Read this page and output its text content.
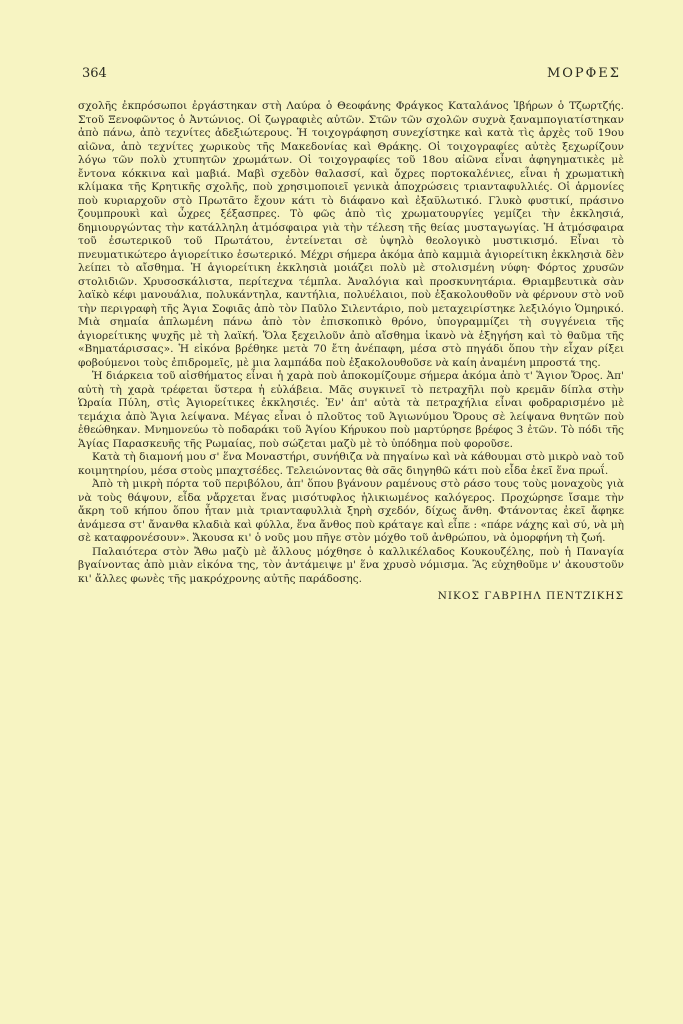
364	ΜΟΡΦΕΣ

σχολῆς ἐκπρόσωποι ἐργάστηκαν στὴ Λαύρα ὁ Θεοφάνης Φράγκος Καταλάνος Ἰβήρων ὁ Τζωρτζής. Στοῦ Ξενοφῶντος ὁ Ἀντώνιος. Οἱ ζωγραφιὲς αὐτῶν. Στῶν τῶν σχολῶν συχνὰ ξαναμπογιατίστηκαν ἀπὸ πάνω, ἀπὸ τεχνίτες ἀδεξιώτερους. Ἡ τοιχογράφηση συνεχίστηκε καὶ κατὰ τὶς ἀρχὲς τοῦ 19ου αἰῶνα, ἀπὸ τεχνίτες χωρικοὺς τῆς Μακεδονίας καὶ Θράκης. Οἱ τοιχογραφίες αὐτὲς ξεχωρίζουν λόγω τῶν πολὺ χτυπητῶν χρωμάτων. Οἱ τοιχογραφίες τοῦ 18ου αἰῶνα εἶναι ἀφηγηματικὲς μὲ ἔντονα κόκκινα καὶ μαβιά. Μαβὶ σχεδὸν θαλασσί, καὶ ὄχρες πορτοκαλένιες, εἶναι ἡ χρωματικὴ κλίμακα τῆς Κρητικῆς σχολῆς, ποὺ χρησιμοποιεῖ γενικὰ ἀποχρώσεις τριανταφυλλιές. Οἱ ἁρμονίες ποὺ κυριαρχοῦν στὸ Πρωτᾶτο ἔχουν κάτι τὸ διάφανο καὶ ἐξαϋλωτικό. Γλυκὸ φυστικί, πράσινο ζουμπρουκὶ καὶ ὦχρες ξέξασπρες. Τὸ φῶς ἀπὸ τὶς χρωματουργίες γεμίζει τὴν ἐκκλησιά, δημιουργώντας τὴν κατάλληλη ἀτμόσφαιρα γιὰ τὴν τέλεση τῆς θείας μυσταγωγίας. Ἡ ἀτμόσφαιρα τοῦ ἐσωτερικοῦ τοῦ Πρωτάτου, ἐντείνεται σὲ ὑψηλὸ θεολογικὸ μυστικισμό. Εἶναι τὸ πνευματικώτερο ἁγιορείτικο ἐσωτερικό. Μέχρι σήμερα ἀκόμα ἀπὸ καμμιὰ ἁγιορείτικη ἐκκλησιὰ δὲν λείπει τὸ αἴσθημα. Ἡ ἁγιορείτικη ἐκκλησιὰ μοιάζει πολὺ μὲ στολισμένη νύφη· Φόρτος χρυσῶν στολιδιῶν. Χρυσοσκάλιστα, περίτεχνα τέμπλα. Ἀναλόγια καὶ προσκυνητάρια. Θριαμβευτικὰ σὰν λαϊκὸ κέφι μανουάλια, πολυκάντηλα, καντήλια, πολυέλαιοι, ποὺ ἐξακολουθοῦν νὰ φέρνουν στὸ νοῦ τὴν περιγραφὴ τῆς Ἁγια Σοφιᾶς ἀπὸ τὸν Παῦλο Σιλεντάριο, ποὺ μεταχειρίστηκε λεξιλόγιο Ὁμηρικό. Μιὰ σημαία ἀπλωμένη πάνω ἀπὸ τὸν ἐπισκοπικὸ θρόνο, ὑπογραμμίζει τὴ συγγένεια τῆς ἁγιορείτικης ψυχῆς μὲ τὴ λαϊκή. Ὅλα ξεχειλοῦν ἀπὸ αἴσθημα ἱκανὸ νὰ ἐξηγήση καὶ τὸ θαῦμα τῆς «Βηματάρισσας». Ἡ εἰκόνα βρέθηκε μετὰ 70 ἔτη ἀνέπαφη, μέσα στὸ πηγάδι ὅπου τὴν εἶχαν ρίξει φοβούμενοι τοὺς ἐπιδρομεῖς, μὲ μια λαμπάδα ποὺ ἐξακολουθοῦσε νὰ καίη ἀναμένη μπροστά της.

Ἡ διάρκεια τοῦ αἰσθήματος εἶναι ἡ χαρὰ ποὺ ἀποκομίζουμε σήμερα ἀκόμα ἀπὸ τ' Ἅγιον Ὄρος. Ἀπ' αὐτὴ τὴ χαρὰ τρέφεται ὕστερα ἡ εὐλάβεια. Μᾶς συγκινεῖ τὸ πετραχῆλι ποὺ κρεμᾶν δίπλα στὴν Ὡραία Πύλη, στὶς Ἁγιορείτικες ἐκκλησιές. Ἐν' ἀπ' αὐτὰ τὰ πετραχήλια εἶναι φοδραρισμένο μὲ τεμάχια ἀπὸ Ἅγια λείψανα. Μέγας εἶναι ὁ πλοῦτος τοῦ Ἁγιωνύμου Ὄρους σὲ λείψανα θνητῶν ποὺ ἐθεώθηκαν. Μνημονεύω τὸ ποδαράκι τοῦ Ἁγίου Κήρυκου ποὺ μαρτύρησε βρέφος 3 ἐτῶν. Τὸ πόδι τῆς Ἁγίας Παρασκευῆς τῆς Ρωμαίας, ποὺ σώζεται μαζὺ μὲ τὸ ὑπόδημα ποὺ φοροῦσε.

Κατὰ τὴ διαμονή μου σ' ἕνα Μοναστήρι, συνήθιζα νὰ πηγαίνω καὶ νὰ κάθουμαι στὸ μικρὸ ναὸ τοῦ κοιμητηρίου, μέσα στοὺς μπαχτσέδες. Τελειώνοντας θὰ σᾶς διηγηθῶ κάτι ποὺ εἶδα ἐκεῖ ἕνα πρωΐ.

Ἀπὸ τὴ μικρὴ πόρτα τοῦ περιβόλου, ἀπ' ὅπου βγάνουν ραμένους στὸ ράσο τους τοὺς μοναχοὺς γιὰ νὰ τοὺς θάψουν, εἶδα νἄρχεται ἕνας μισότυφλος ἡλικιωμένος καλόγερος. Προχώρησε ἴσαμε τὴν ἄκρη τοῦ κήπου ὅπου ἦταν μιὰ τριανταφυλλιὰ ξηρὴ σχεδόν, δίχως ἄνθη. Φτάνοντας ἐκεῖ ἄφηκε ἀνάμεσα στ' ἄνανθα κλαδιὰ καὶ φύλλα, ἕνα ἄνθος ποὺ κράταγε καὶ εἶπε : «πάρε νάχης καὶ σύ, νὰ μὴ σὲ καταφρονέσουν». Ἄκουσα κι' ὁ νοῦς μου πῆγε στὸν μόχθο τοῦ ἀνθρώπου, νὰ ὀμορφήνη τὴ ζωή.

Παλαιότερα στὸν Ἄθω μαζὺ μὲ ἄλλους μόχθησε ὁ καλλικέλαδος Κουκουζέλης, ποὺ ἡ Παναγία βγαίνοντας ἀπὸ μιὰν εἰκόνα της, τὸν ἀντάμειψε μ' ἕνα χρυσὸ νόμισμα. Ἂς εὐχηθοῦμε ν' ἀκουστοῦν κι' ἄλλες φωνὲς τῆς μακρόχρονης αὐτῆς παράδοσης.

ΝΙΚΟΣ ΓΑΒΡΙΗΛ ΠΕΝΤΖΙΚΗΣ
